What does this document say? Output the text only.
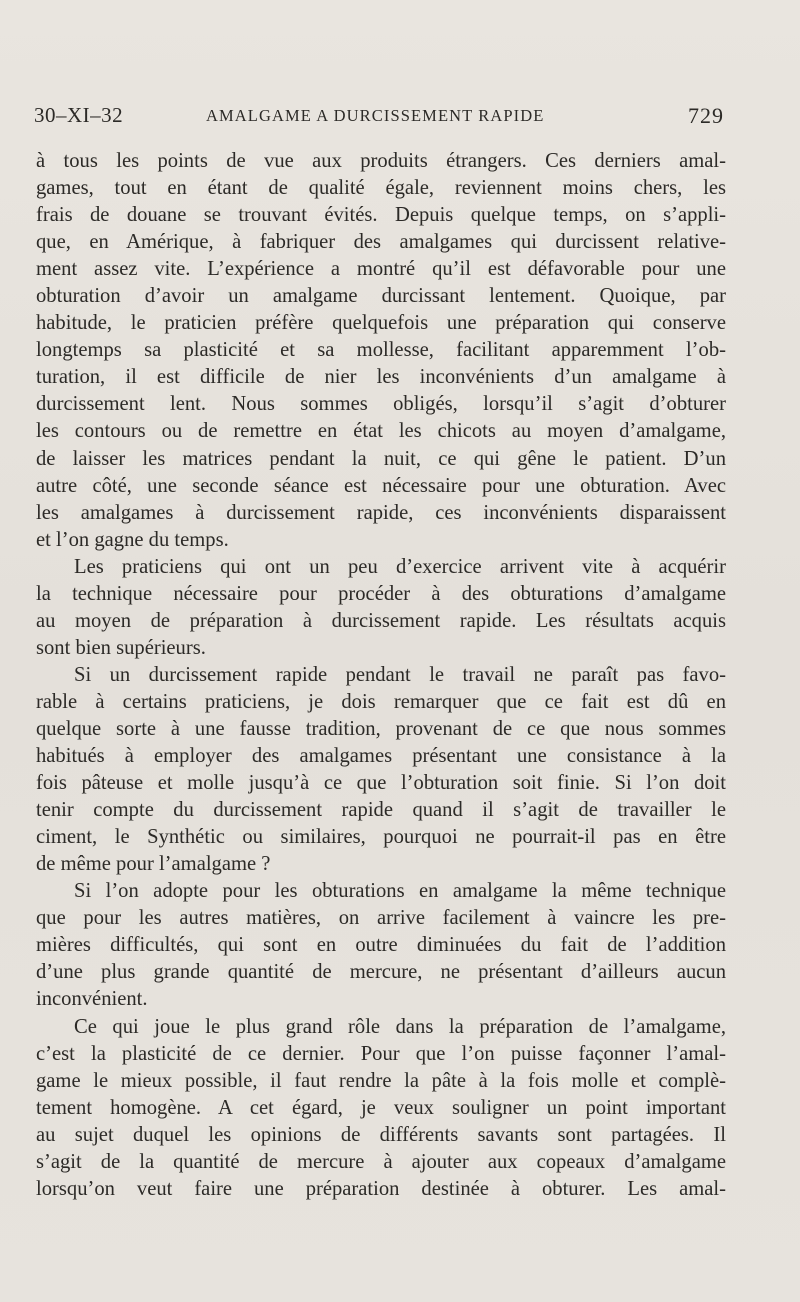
30–XI–32	AMALGAME A DURCISSEMENT RAPIDE	729
à tous les points de vue aux produits étrangers. Ces derniers amal-
games, tout en étant de qualité égale, reviennent moins chers, les
frais de douane se trouvant évités. Depuis quelque temps, on s’appli-
que, en Amérique, à fabriquer des amalgames qui durcissent relative-
ment assez vite. L’expérience a montré qu’il est défavorable pour une
obturation d’avoir un amalgame durcissant lentement. Quoique, par
habitude, le praticien préfère quelquefois une préparation qui conserve
longtemps sa plasticité et sa mollesse, facilitant apparemment l’ob-
turation, il est difficile de nier les inconvénients d’un amalgame à
durcissement lent. Nous sommes obligés, lorsqu’il s’agit d’obturer
les contours ou de remettre en état les chicots au moyen d’amalgame,
de laisser les matrices pendant la nuit, ce qui gêne le patient. D’un
autre côté, une seconde séance est nécessaire pour une obturation. Avec
les amalgames à durcissement rapide, ces inconvénients disparaissent
et l’on gagne du temps.
Les praticiens qui ont un peu d’exercice arrivent vite à acquérir
la technique nécessaire pour procéder à des obturations d’amalgame
au moyen de préparation à durcissement rapide. Les résultats acquis
sont bien supérieurs.
Si un durcissement rapide pendant le travail ne paraît pas favo-
rable à certains praticiens, je dois remarquer que ce fait est dû en
quelque sorte à une fausse tradition, provenant de ce que nous sommes
habitués à employer des amalgames présentant une consistance à la
fois pâteuse et molle jusqu’à ce que l’obturation soit finie. Si l’on doit
tenir compte du durcissement rapide quand il s’agit de travailler le
ciment, le Synthétic ou similaires, pourquoi ne pourrait-il pas en être
de même pour l’amalgame ?
Si l’on adopte pour les obturations en amalgame la même technique
que pour les autres matières, on arrive facilement à vaincre les pre-
mières difficultés, qui sont en outre diminuées du fait de l’addition
d’une plus grande quantité de mercure, ne présentant d’ailleurs aucun
inconvénient.
Ce qui joue le plus grand rôle dans la préparation de l’amalgame,
c’est la plasticité de ce dernier. Pour que l’on puisse façonner l’amal-
game le mieux possible, il faut rendre la pâte à la fois molle et complè-
tement homogène. A cet égard, je veux souligner un point important
au sujet duquel les opinions de différents savants sont partagées. Il
s’agit de la quantité de mercure à ajouter aux copeaux d’amalgame
lorsqu’on veut faire une préparation destinée à obturer. Les amal-
